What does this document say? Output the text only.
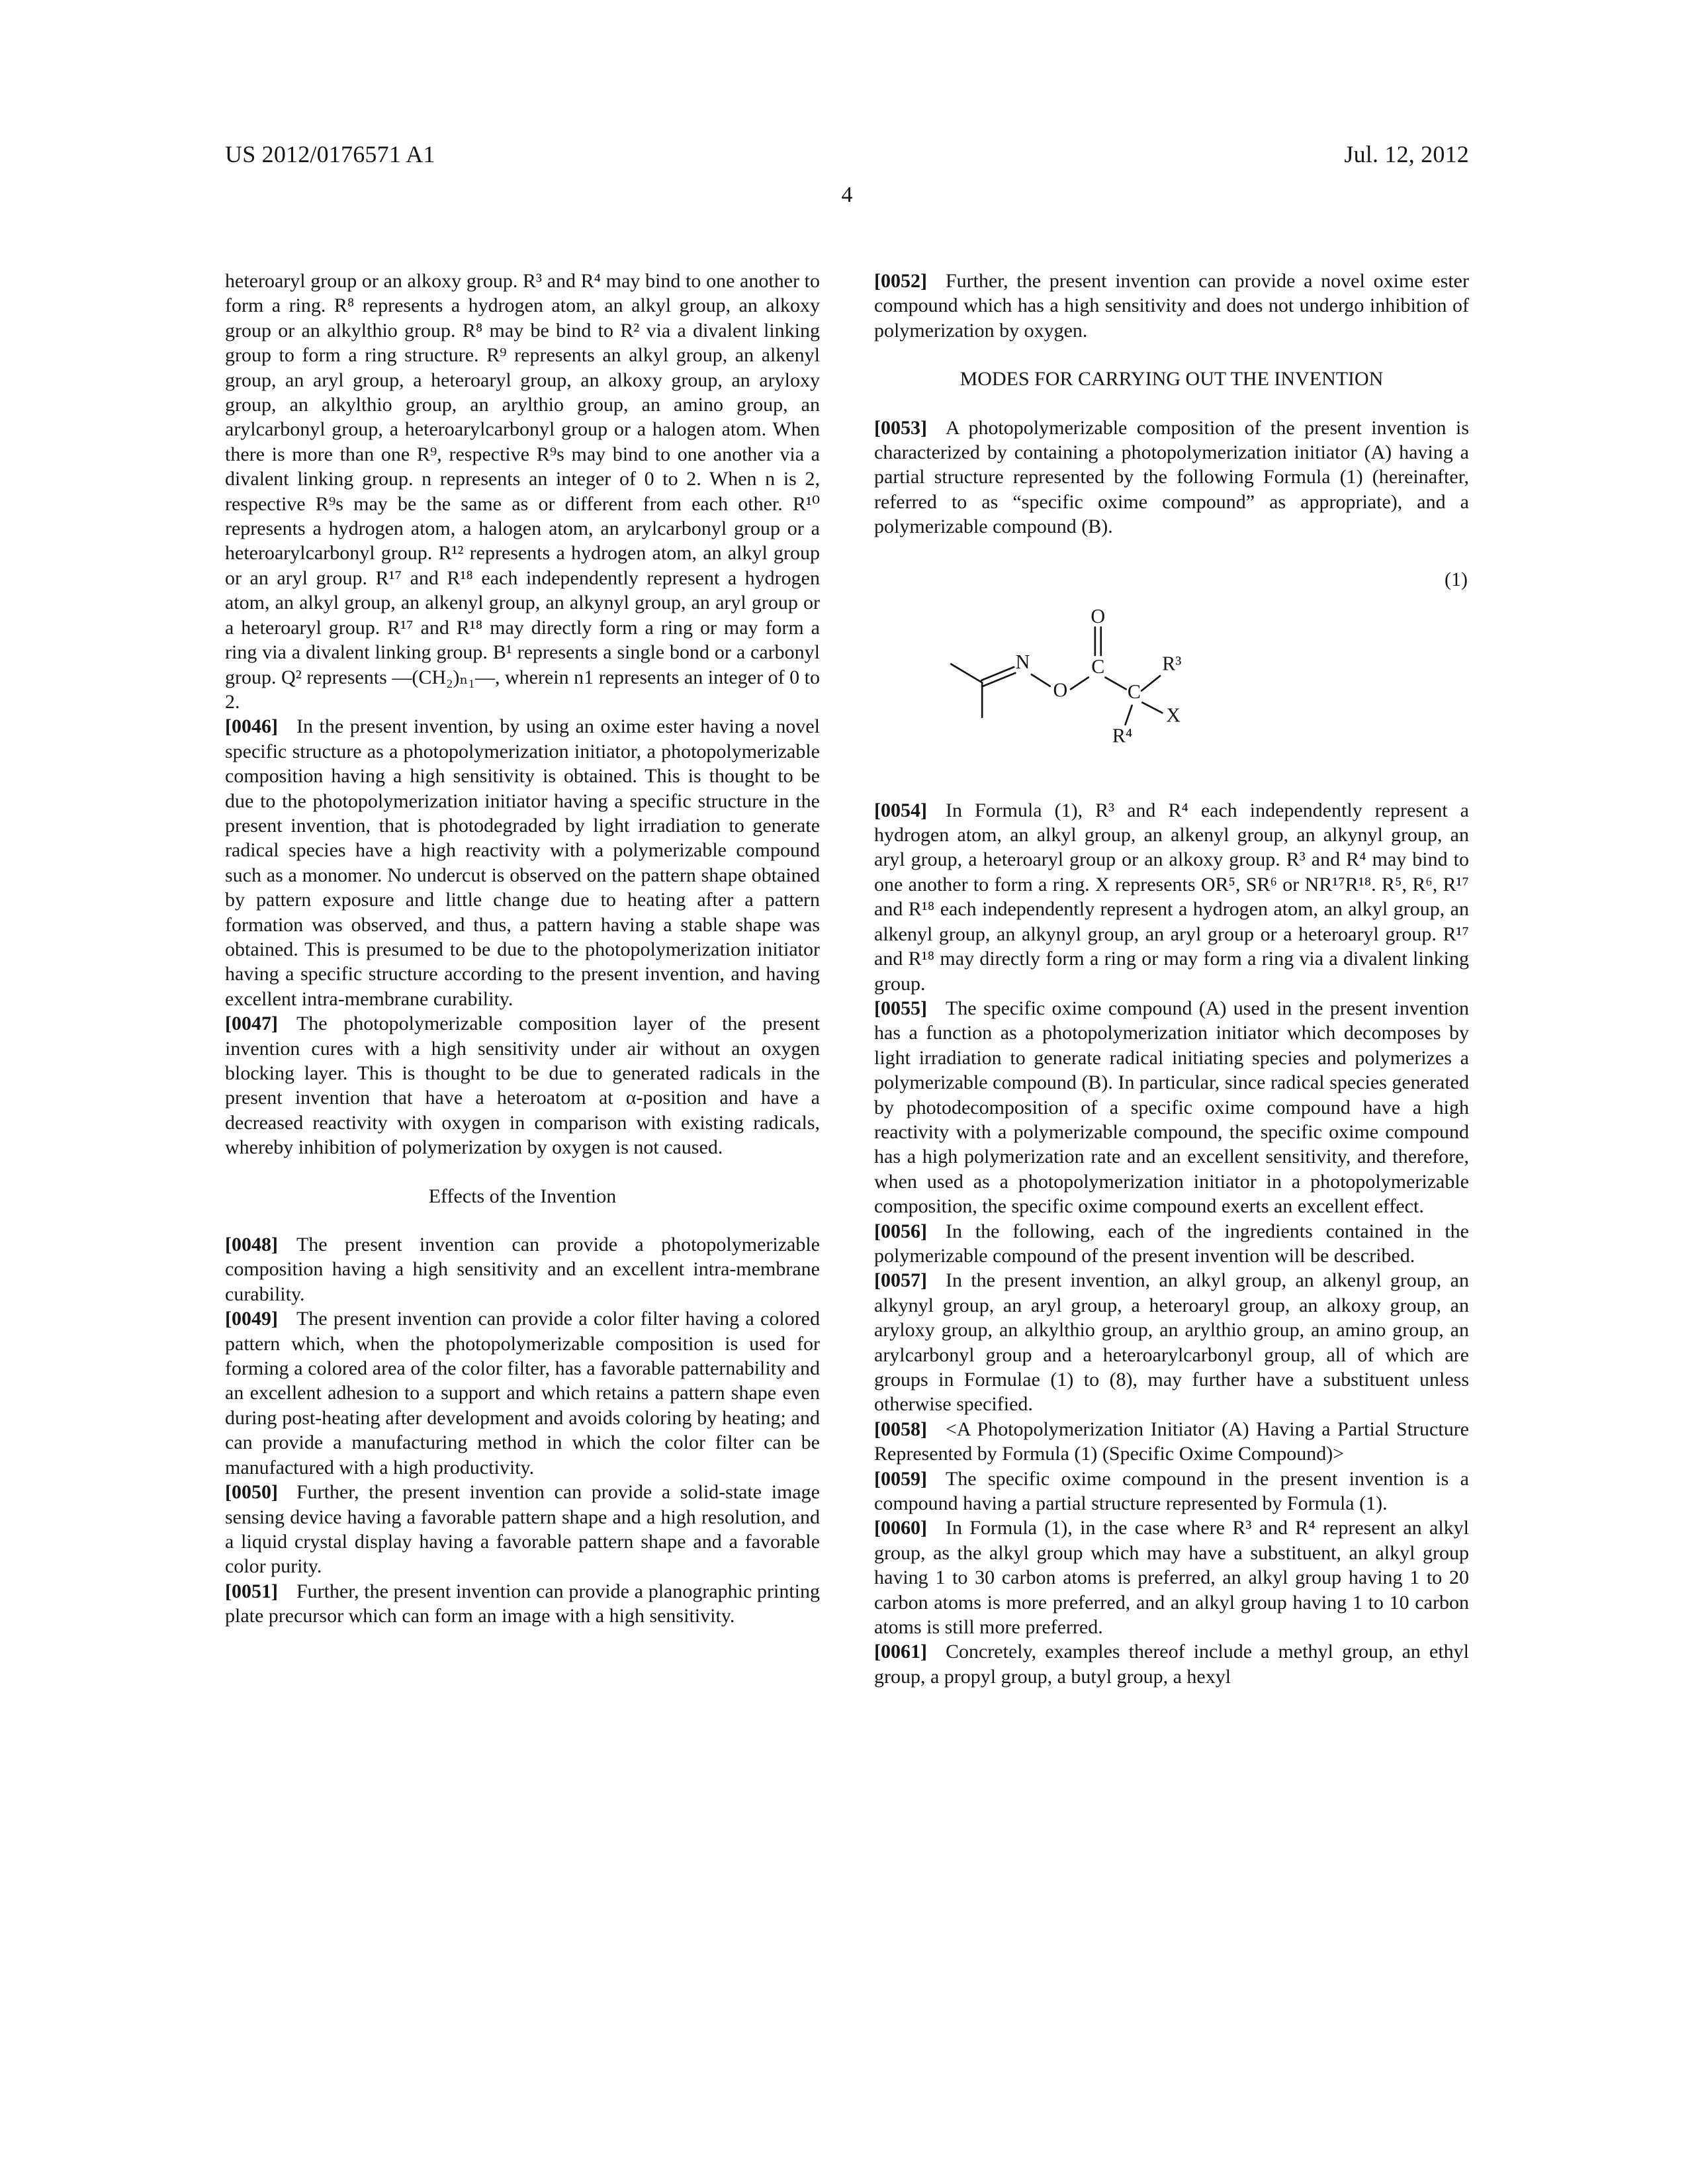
US 2012/0176571 A1	Jul. 12, 2012
4

heteroaryl group or an alkoxy group. R³ and R⁴ may bind to one another to form a ring. R⁸ represents a hydrogen atom, an alkyl group, an alkoxy group or an alkylthio group. R⁸ may be bind to R² via a divalent linking group to form a ring structure. R⁹ represents an alkyl group, an alkenyl group, an aryl group, a heteroaryl group, an alkoxy group, an aryloxy group, an alkylthio group, an arylthio group, an amino group, an arylcarbonyl group, a heteroarylcarbonyl group or a halogen atom. When there is more than one R⁹, respective R⁹s may bind to one another via a divalent linking group. n represents an integer of 0 to 2. When n is 2, respective R⁹s may be the same as or different from each other. R¹⁰ represents a hydrogen atom, a halogen atom, an arylcarbonyl group or a heteroarylcarbonyl group. R¹² represents a hydrogen atom, an alkyl group or an aryl group. R¹⁷ and R¹⁸ each independently represent a hydrogen atom, an alkyl group, an alkenyl group, an alkynyl group, an aryl group or a heteroaryl group. R¹⁷ and R¹⁸ may directly form a ring or may form a ring via a divalent linking group. B¹ represents a single bond or a carbonyl group. Q² represents —(CH₂)ₙ₁—, wherein n1 represents an integer of 0 to 2.

[0046] In the present invention, by using an oxime ester having a novel specific structure as a photopolymerization initiator, a photopolymerizable composition having a high sensitivity is obtained. This is thought to be due to the photopolymerization initiator having a specific structure in the present invention, that is photodegraded by light irradiation to generate radical species have a high reactivity with a polymerizable compound such as a monomer. No undercut is observed on the pattern shape obtained by pattern exposure and little change due to heating after a pattern formation was observed, and thus, a pattern having a stable shape was obtained. This is presumed to be due to the photopolymerization initiator having a specific structure according to the present invention, and having excellent intra-membrane curability.

[0047] The photopolymerizable composition layer of the present invention cures with a high sensitivity under air without an oxygen blocking layer. This is thought to be due to generated radicals in the present invention that have a heteroatom at α-position and have a decreased reactivity with oxygen in comparison with existing radicals, whereby inhibition of polymerization by oxygen is not caused.

Effects of the Invention

[0048] The present invention can provide a photopolymerizable composition having a high sensitivity and an excellent intra-membrane curability.

[0049] The present invention can provide a color filter having a colored pattern which, when the photopolymerizable composition is used for forming a colored area of the color filter, has a favorable patternability and an excellent adhesion to a support and which retains a pattern shape even during post-heating after development and avoids coloring by heating; and can provide a manufacturing method in which the color filter can be manufactured with a high productivity.

[0050] Further, the present invention can provide a solid-state image sensing device having a favorable pattern shape and a high resolution, and a liquid crystal display having a favorable pattern shape and a favorable color purity.

[0051] Further, the present invention can provide a planographic printing plate precursor which can form an image with a high sensitivity.

[0052] Further, the present invention can provide a novel oxime ester compound which has a high sensitivity and does not undergo inhibition of polymerization by oxygen.

MODES FOR CARRYING OUT THE INVENTION

[0053] A photopolymerizable composition of the present invention is characterized by containing a photopolymerization initiator (A) having a partial structure represented by the following Formula (1) (hereinafter, referred to as “specific oxime compound” as appropriate), and a polymerizable compound (B).

(1)
O
C
N
O
R³
C
R⁴
X

[0054] In Formula (1), R³ and R⁴ each independently represent a hydrogen atom, an alkyl group, an alkenyl group, an alkynyl group, an aryl group, a heteroaryl group or an alkoxy group. R³ and R⁴ may bind to one another to form a ring. X represents OR⁵, SR⁶ or NR¹⁷R¹⁸. R⁵, R⁶, R¹⁷ and R¹⁸ each independently represent a hydrogen atom, an alkyl group, an alkenyl group, an alkynyl group, an aryl group or a heteroaryl group. R¹⁷ and R¹⁸ may directly form a ring or may form a ring via a divalent linking group.

[0055] The specific oxime compound (A) used in the present invention has a function as a photopolymerization initiator which decomposes by light irradiation to generate radical initiating species and polymerizes a polymerizable compound (B). In particular, since radical species generated by photodecomposition of a specific oxime compound have a high reactivity with a polymerizable compound, the specific oxime compound has a high polymerization rate and an excellent sensitivity, and therefore, when used as a photopolymerization initiator in a photopolymerizable composition, the specific oxime compound exerts an excellent effect.

[0056] In the following, each of the ingredients contained in the polymerizable compound of the present invention will be described.

[0057] In the present invention, an alkyl group, an alkenyl group, an alkynyl group, an aryl group, a heteroaryl group, an alkoxy group, an aryloxy group, an alkylthio group, an arylthio group, an amino group, an arylcarbonyl group and a heteroarylcarbonyl group, all of which are groups in Formulae (1) to (8), may further have a substituent unless otherwise specified.

[0058] <A Photopolymerization Initiator (A) Having a Partial Structure Represented by Formula (1) (Specific Oxime Compound)>

[0059] The specific oxime compound in the present invention is a compound having a partial structure represented by Formula (1).

[0060] In Formula (1), in the case where R³ and R⁴ represent an alkyl group, as the alkyl group which may have a substituent, an alkyl group having 1 to 30 carbon atoms is preferred, an alkyl group having 1 to 20 carbon atoms is more preferred, and an alkyl group having 1 to 10 carbon atoms is still more preferred.

[0061] Concretely, examples thereof include a methyl group, an ethyl group, a propyl group, a butyl group, a hexyl
